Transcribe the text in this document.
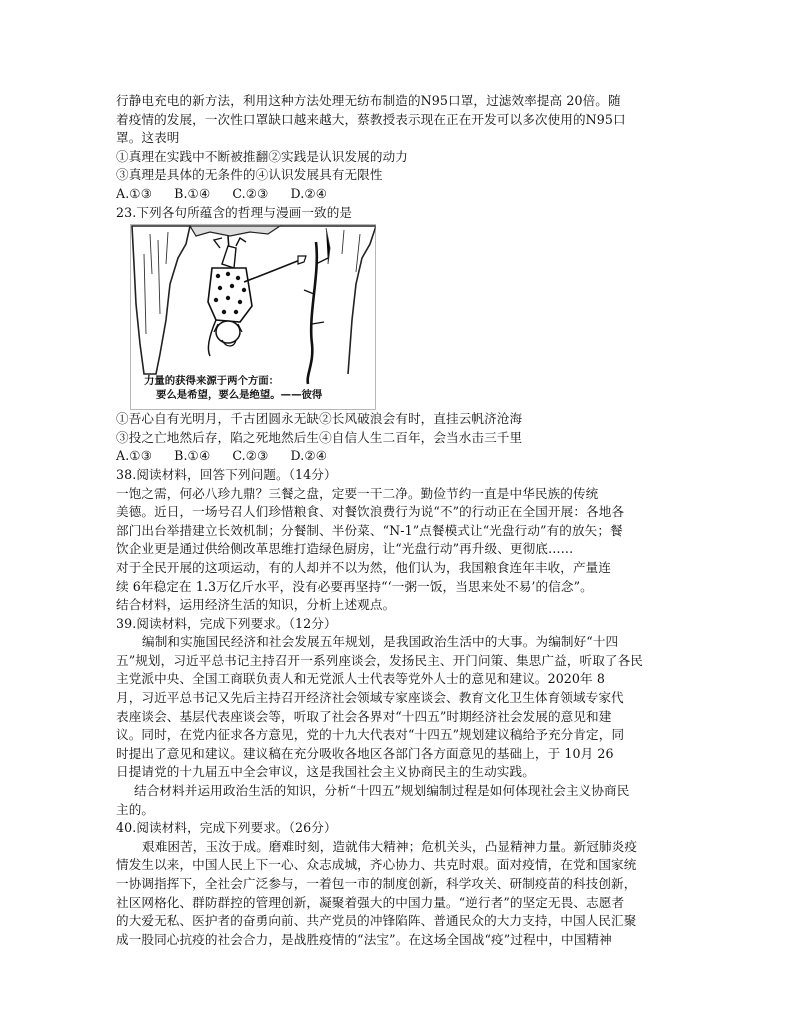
行静电充电的新方法，利用这种方法处理无纺布制造的N95口罩，过滤效率提高 20倍。随
着疫情的发展，一次性口罩缺口越来越大，蔡教授表示现在正在开发可以多次使用的N95口
罩。这表明
①真理在实践中不断被推翻②实践是认识发展的动力
③真理是具体的无条件的④认识发展具有无限性
A.①③ B.①④ C.②③ D.②④
23.下列各句所蕴含的哲理与漫画一致的是
力量的获得来源于两个方面：
要么是希望，要么是绝望。——彼得
①吾心自有光明月，千古团圆永无缺②长风破浪会有时，直挂云帆济沧海
③投之亡地然后存，陷之死地然后生④自信人生二百年，会当水击三千里
A.①③ B.①④ C.②③ D.②④
38.阅读材料，回答下列问题。（14分）
一饱之需，何必八珍九鼎？三餐之盘，定要一干二净。勤俭节约一直是中华民族的传统
美德。近日，一场号召人们珍惜粮食、对餐饮浪费行为说“不”的行动正在全国开展：各地各
部门出台举措建立长效机制；分餐制、半份菜、“N-1”点餐模式让“光盘行动”有的放矢；餐
饮企业更是通过供给侧改革思维打造绿色厨房，让“光盘行动”再升级、更彻底……
对于全民开展的这项运动，有的人却并不以为然，他们认为，我国粮食连年丰收，产量连
续 6年稳定在 1.3万亿斤水平，没有必要再坚持“‘一粥一饭，当思来处不易’的信念”。
结合材料，运用经济生活的知识，分析上述观点。
39.阅读材料，完成下列要求。（12分）
编制和实施国民经济和社会发展五年规划，是我国政治生活中的大事。为编制好“十四
五”规划，习近平总书记主持召开一系列座谈会，发扬民主、开门问策、集思广益，听取了各民
主党派中央、全国工商联负责人和无党派人士代表等党外人士的意见和建议。2020年 8
月，习近平总书记又先后主持召开经济社会领域专家座谈会、教育文化卫生体育领域专家代
表座谈会、基层代表座谈会等，听取了社会各界对“十四五”时期经济社会发展的意见和建
议。同时，在党内征求各方意见，党的十九大代表对“十四五”规划建议稿给予充分肯定，同
时提出了意见和建议。建议稿在充分吸收各地区各部门各方面意见的基础上，于 10月 26
日提请党的十九届五中全会审议，这是我国社会主义协商民主的生动实践。
结合材料并运用政治生活的知识，分析“十四五”规划编制过程是如何体现社会主义协商民
主的。
40.阅读材料，完成下列要求。（26分）
艰难困苦，玉汝于成。磨难时刻，造就伟大精神；危机关头，凸显精神力量。新冠肺炎疫
情发生以来，中国人民上下一心、众志成城，齐心协力、共克时艰。面对疫情，在党和国家统
一协调指挥下，全社会广泛参与，一着包一市的制度创新，科学攻关、研制疫苗的科技创新，
社区网格化、群防群控的管理创新，凝聚着强大的中国力量。“逆行者”的坚定无畏、志愿者
的大爱无私、医护者的奋勇向前、共产党员的冲锋陷阵、普通民众的大力支持，中国人民汇聚
成一股同心抗疫的社会合力，是战胜疫情的“法宝”。在这场全国战“疫”过程中，中国精神
